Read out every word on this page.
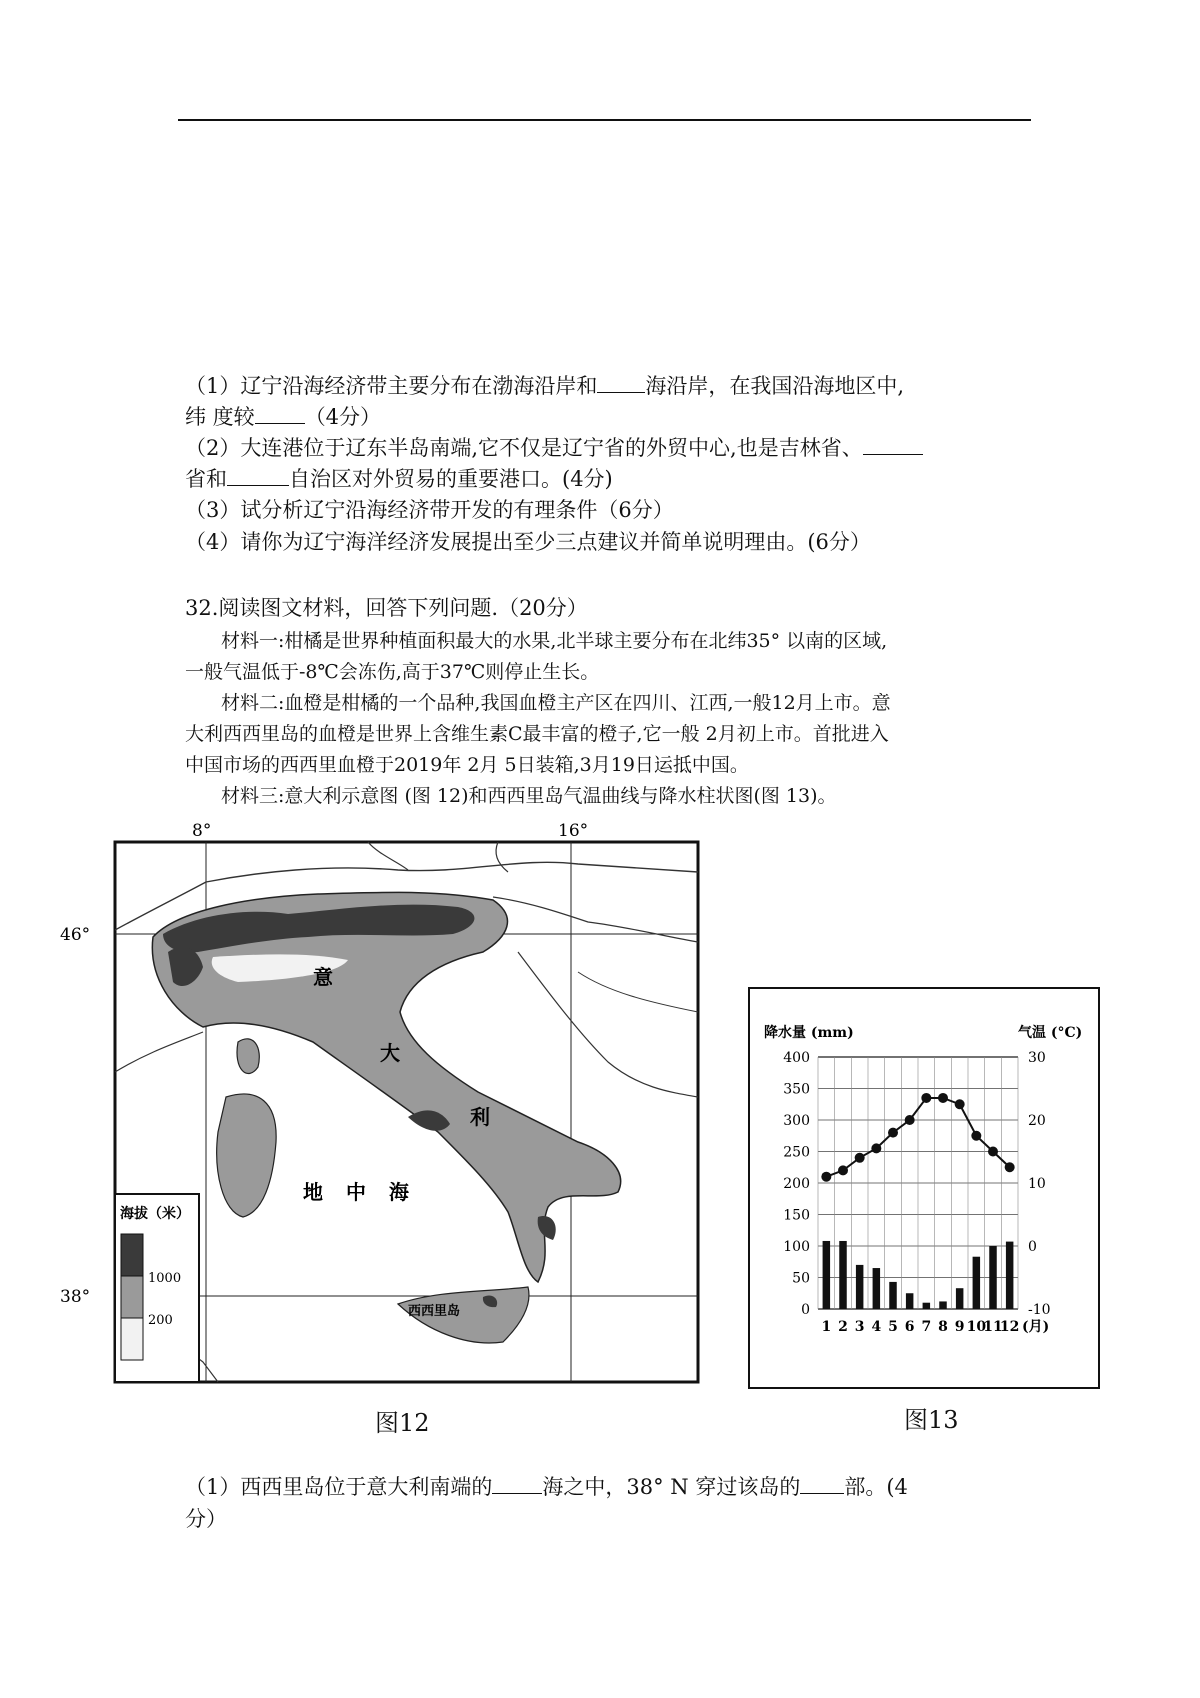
（1）辽宁沿海经济带主要分布在渤海沿岸和 海沿岸，在我国沿海地区中,
纬 度较 （4分）
（2）大连港位于辽东半岛南端,它不仅是辽宁省的外贸中心,也是吉林省、
省和	自治区对外贸易的重要港口。(4分)
（3）试分析辽宁沿海经济带开发的有理条件（6分）
（4）请你为辽宁海洋经济发展提出至少三点建议并简单说明理由。(6分）
32.阅读图文材料，回答下列问题.（20分）
材料一:柑橘是世界种植面积最大的水果,北半球主要分布在北纬35° 以南的区域,
一般气温低于-8℃会冻伤,高于37℃则停止生长。
材料二:血橙是柑橘的一个品种,我国血橙主产区在四川、江西,一般12月上市。意
大利西西里岛的血橙是世界上含维生素C最丰富的橙子,它一般 2月初上市。首批进入
中国市场的西西里血橙于2019年 2月 5日装箱,3月19日运抵中国。
材料三:意大利示意图 (图 12)和西西里岛气温曲线与降水柱状图(图 13)。
8°	16°
46°
38°
意
大
利
地 中 海
西西里岛
海拔（米）
1000
200
图12
降水量 (mm)	气温 (°C)
400
350
300
250
200
150
100
50
0
30
20
10
0
-10
1 2 3 4 5 6 7 8 9 10
11
12 (月)
图13
（1）西西里岛位于意大利南端的 海之中，38° N 穿过该岛的 部。(4
分）
